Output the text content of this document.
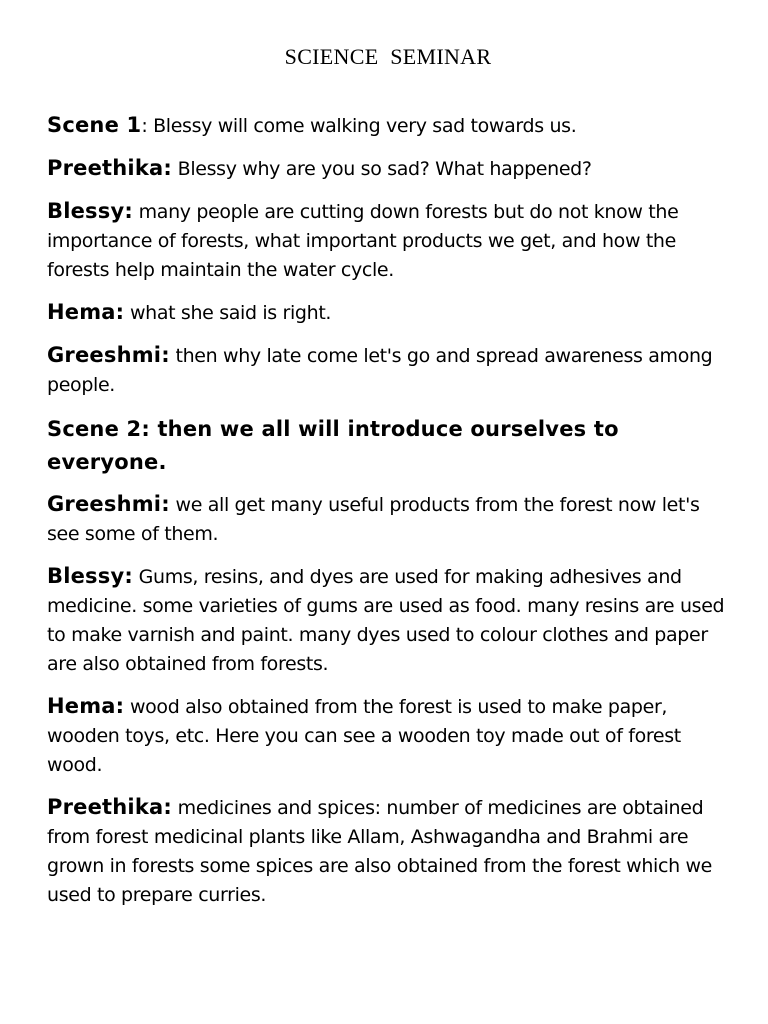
SCIENCE SEMINAR

Scene 1: Blessy will come walking very sad towards us.

Preethika: Blessy why are you so sad? What happened?

Blessy: many people are cutting down forests but do not know the importance of forests, what important products we get, and how the forests help maintain the water cycle.

Hema: what she said is right.

Greeshmi: then why late come let's go and spread awareness among people.

Scene 2: then we all will introduce ourselves to everyone.

Greeshmi: we all get many useful products from the forest now let's see some of them.

Blessy: Gums, resins, and dyes are used for making adhesives and medicine. some varieties of gums are used as food. many resins are used to make varnish and paint. many dyes used to colour clothes and paper are also obtained from forests.

Hema: wood also obtained from the forest is used to make paper, wooden toys, etc. Here you can see a wooden toy made out of forest wood.

Preethika: medicines and spices: number of medicines are obtained from forest medicinal plants like Allam, Ashwagandha and Brahmi are grown in forests some spices are also obtained from the forest which we used to prepare curries.
